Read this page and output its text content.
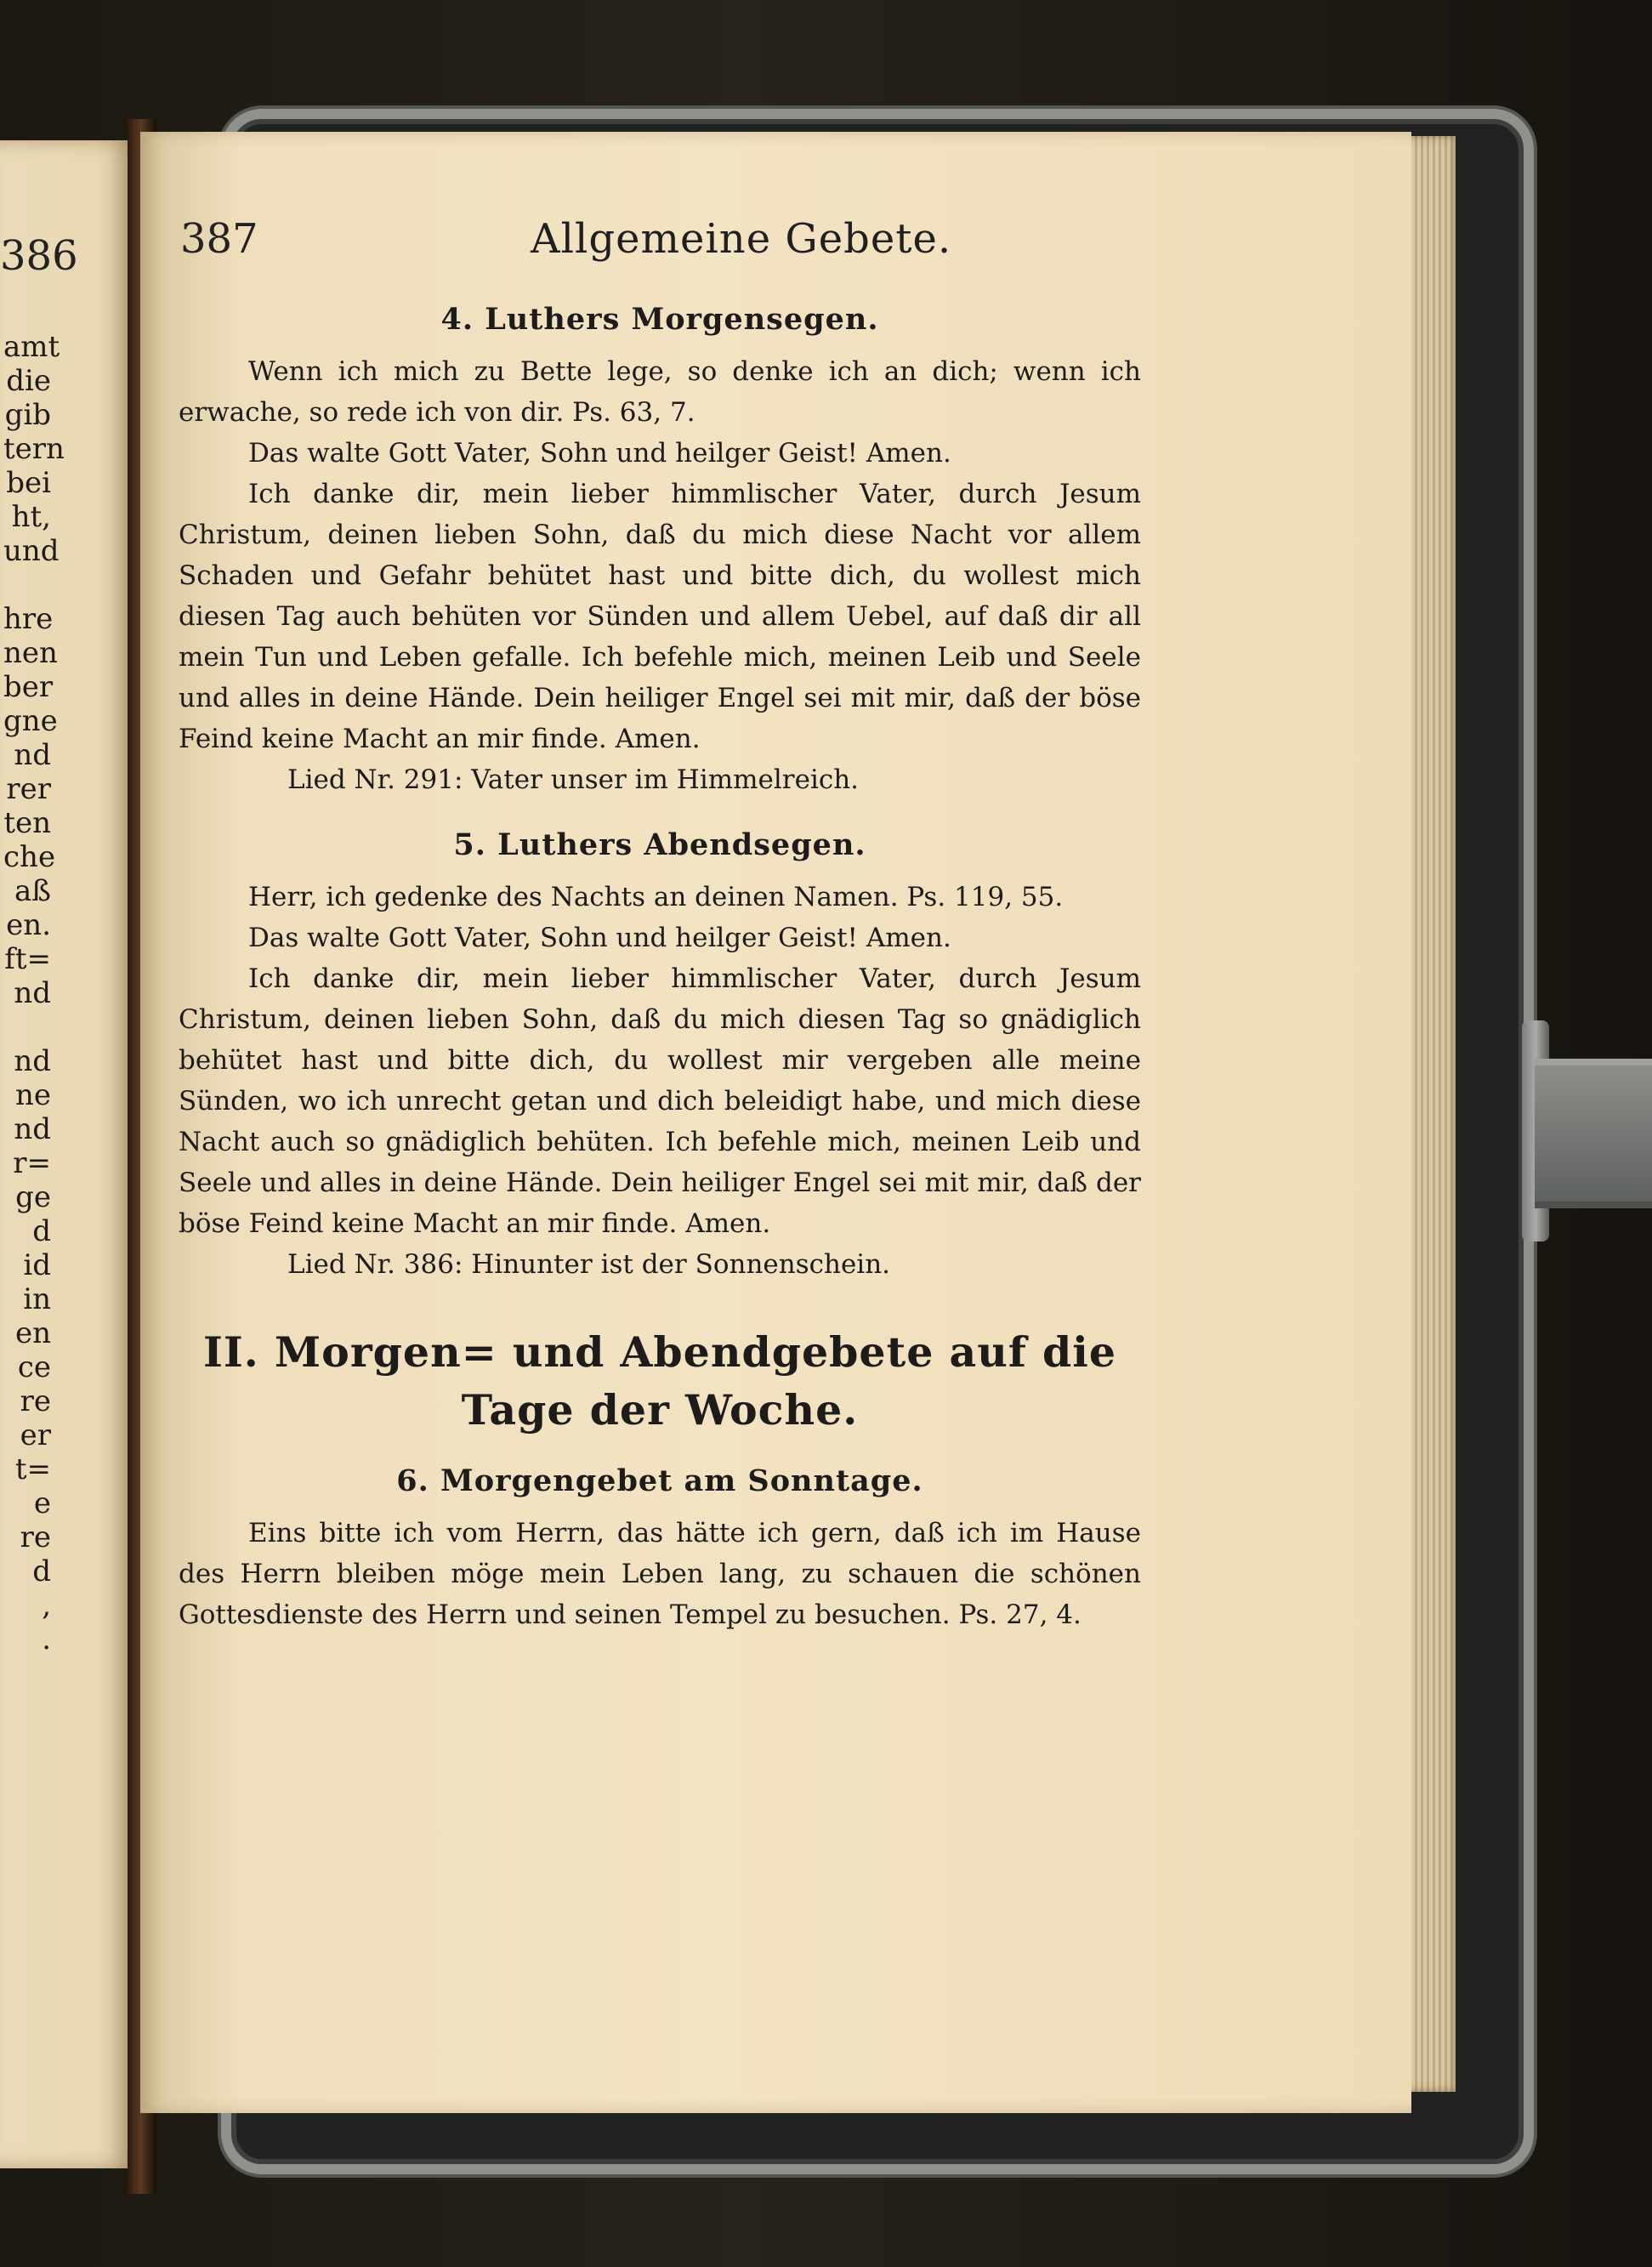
386
amt
die
gib
tern
bei
ht,
und
hre
nen
ber
gne
nd
rer
ten
che
aß
en.
ft=
nd
nd
ne
nd
r=
ge
d
id
in
en
ce
re
er
t=
e
re
d
,
.
387	Allgemeine Gebete.
4. Luthers Morgensegen.

Wenn ich mich zu Bette lege, so denke ich an dich; wenn ich erwache, so rede ich von dir. Ps. 63, 7.

Das walte Gott Vater, Sohn und heilger Geist! Amen.

Ich danke dir, mein lieber himmlischer Vater, durch Jesum Christum, deinen lieben Sohn, daß du mich diese Nacht vor allem Schaden und Gefahr behütet hast und bitte dich, du wollest mich diesen Tag auch behüten vor Sünden und allem Uebel, auf daß dir all mein Tun und Leben gefalle. Ich befehle mich, meinen Leib und Seele und alles in deine Hände. Dein heiliger Engel sei mit mir, daß der böse Feind keine Macht an mir finde. Amen.

Lied Nr. 291: Vater unser im Himmelreich.

5. Luthers Abendsegen.

Herr, ich gedenke des Nachts an deinen Namen. Ps. 119, 55.

Das walte Gott Vater, Sohn und heilger Geist! Amen.

Ich danke dir, mein lieber himmlischer Vater, durch Jesum Christum, deinen lieben Sohn, daß du mich diesen Tag so gnädiglich behütet hast und bitte dich, du wollest mir vergeben alle meine Sünden, wo ich unrecht getan und dich beleidigt habe, und mich diese Nacht auch so gnädiglich behüten. Ich befehle mich, meinen Leib und Seele und alles in deine Hände. Dein heiliger Engel sei mit mir, daß der böse Feind keine Macht an mir finde. Amen.

Lied Nr. 386: Hinunter ist der Sonnenschein.

II. Morgen= und Abendgebete auf die
Tage der Woche.
6. Morgengebet am Sonntage.

Eins bitte ich vom Herrn, das hätte ich gern, daß ich im Hause des Herrn bleiben möge mein Leben lang, zu schauen die schönen Gottesdienste des Herrn und seinen Tempel zu besuchen. Ps. 27, 4.
